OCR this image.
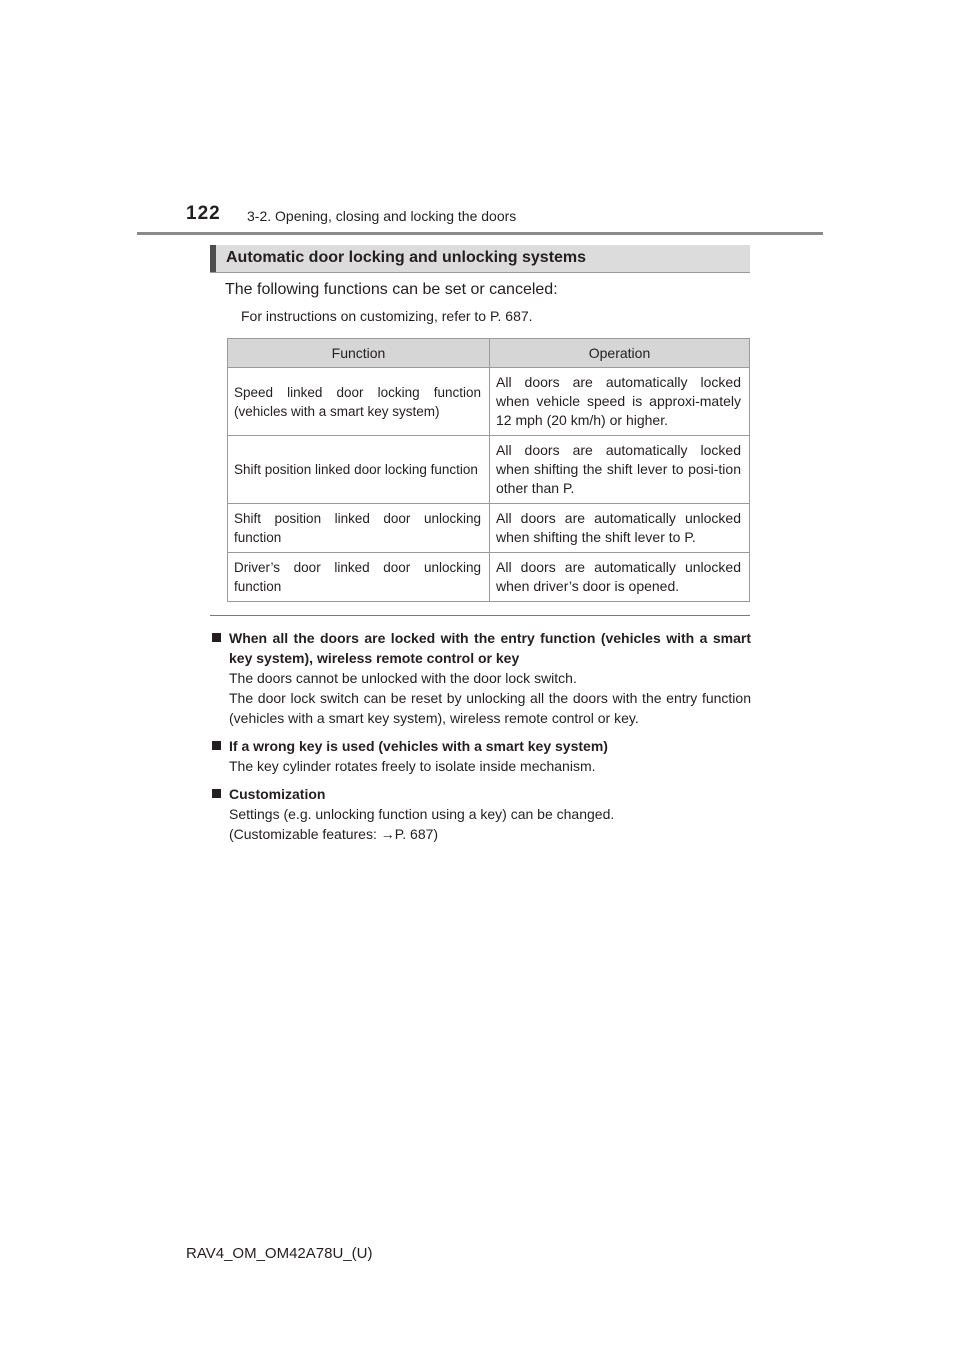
122 3-2. Opening, closing and locking the doors
Automatic door locking and unlocking systems
The following functions can be set or canceled:
For instructions on customizing, refer to P. 687.
Function	Operation
Speed linked door locking function (vehicles with a smart key system)	All doors are automatically locked when vehicle speed is approxi-mately 12 mph (20 km/h) or higher.
Shift position linked door locking function	All doors are automatically locked when shifting the shift lever to posi-tion other than P.
Shift position linked door unlocking function	All doors are automatically unlocked when shifting the shift lever to P.
Driver’s door linked door unlocking function	All doors are automatically unlocked when driver’s door is opened.
When all the doors are locked with the entry function (vehicles with a smart key system), wireless remote control or key

The doors cannot be unlocked with the door lock switch.

The door lock switch can be reset by unlocking all the doors with the entry function (vehicles with a smart key system), wireless remote control or key.

If a wrong key is used (vehicles with a smart key system)

The key cylinder rotates freely to isolate inside mechanism.

Customization

Settings (e.g. unlocking function using a key) can be changed.

(Customizable features: →P. 687)

RAV4_OM_OM42A78U_(U)
